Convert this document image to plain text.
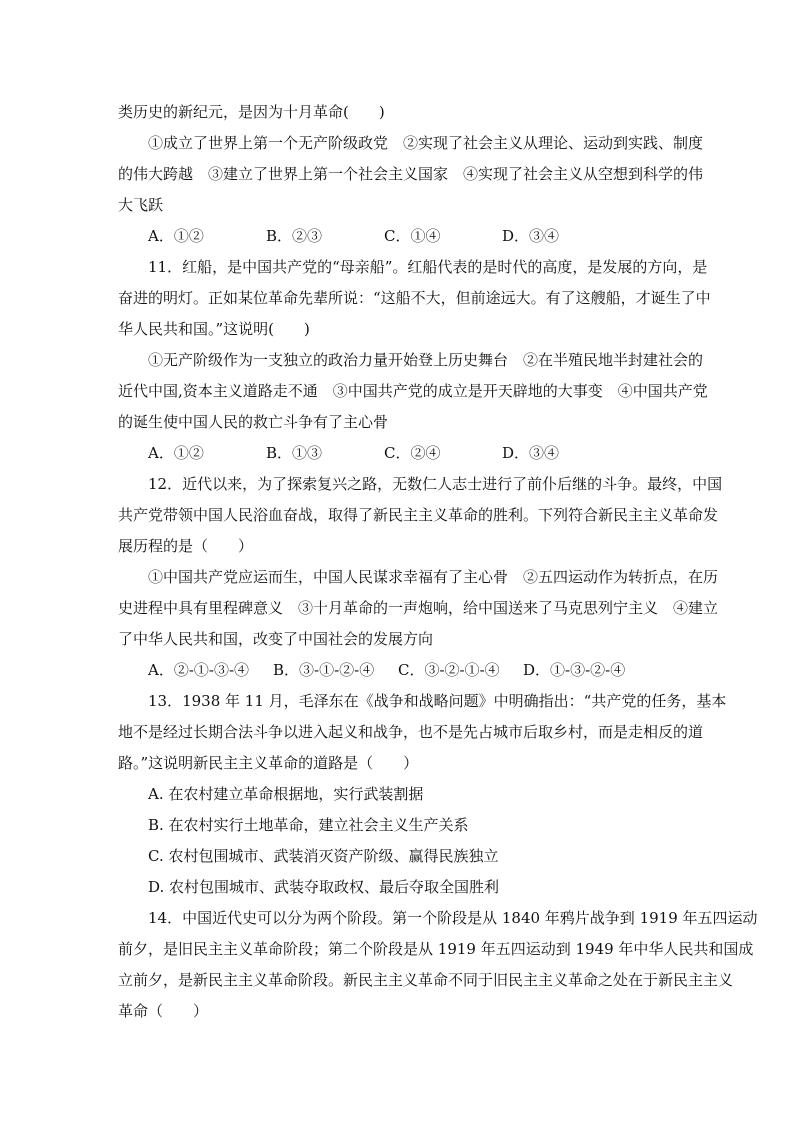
类历史的新纪元，是因为十月革命(　　)
①成立了世界上第一个无产阶级政党　②实现了社会主义从理论、运动到实践、制度
的伟大跨越　③建立了世界上第一个社会主义国家　④实现了社会主义从空想到科学的伟
大飞跃
A．①②	B．②③	C．①④	D．③④
11．红船，是中国共产党的“母亲船”。红船代表的是时代的高度，是发展的方向，是
奋进的明灯。正如某位革命先辈所说：“这船不大，但前途远大。有了这艘船，才诞生了中
华人民共和国。”这说明(　　)
①无产阶级作为一支独立的政治力量开始登上历史舞台　②在半殖民地半封建社会的
近代中国,资本主义道路走不通　③中国共产党的成立是开天辟地的大事变　④中国共产党
的诞生使中国人民的救亡斗争有了主心骨
A．①②	B．①③	C．②④	D．③④
12．近代以来，为了探索复兴之路，无数仁人志士进行了前仆后继的斗争。最终，中国
共产党带领中国人民浴血奋战，取得了新民主主义革命的胜利。下列符合新民主主义革命发
展历程的是（　　）
①中国共产党应运而生，中国人民谋求幸福有了主心骨　②五四运动作为转折点，在历
史进程中具有里程碑意义　③十月革命的一声炮响，给中国送来了马克思列宁主义　④建立
了中华人民共和国，改变了中国社会的发展方向
A．②-①-③-④	B．③-①-②-④	C．③-②-①-④	D．①-③-②-④
13．1938 年 11 月，毛泽东在《战争和战略问题》中明确指出：“共产党的任务，基本
地不是经过长期合法斗争以进入起义和战争，也不是先占城市后取乡村，而是走相反的道
路。”这说明新民主主义革命的道路是（　　）
A. 在农村建立革命根据地，实行武装割据
B. 在农村实行土地革命，建立社会主义生产关系
C. 农村包围城市、武装消灭资产阶级、赢得民族独立
D. 农村包围城市、武装夺取政权、最后夺取全国胜利
14．中国近代史可以分为两个阶段。第一个阶段是从 1840 年鸦片战争到 1919 年五四运动
前夕，是旧民主主义革命阶段；第二个阶段是从 1919 年五四运动到 1949 年中华人民共和国成
立前夕，是新民主主义革命阶段。新民主主义革命不同于旧民主主义革命之处在于新民主主义
革命（　　）
